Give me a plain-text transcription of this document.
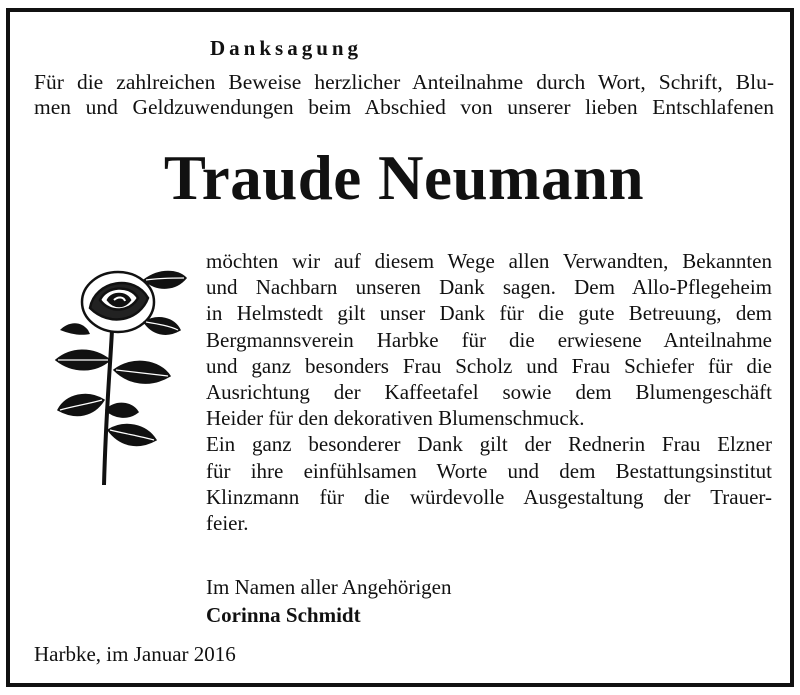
Danksagung
Für die zahlreichen Beweise herzlicher Anteilnahme durch Wort, Schrift, Blu-
men und Geldzuwendungen beim Abschied von unserer lieben Entschlafenen
Traude Neumann
möchten wir auf diesem Wege allen Verwandten, Bekannten
und Nachbarn unseren Dank sagen. Dem Allo-Pflegeheim
in Helmstedt gilt unser Dank für die gute Betreuung, dem
Bergmannsverein Harbke für die erwiesene Anteilnahme
und ganz besonders Frau Scholz und Frau Schiefer für die
Ausrichtung der Kaffeetafel sowie dem Blumengeschäft
Heider für den dekorativen Blumenschmuck.
Ein ganz besonderer Dank gilt der Rednerin Frau Elzner
für ihre einfühlsamen Worte und dem Bestattungsinstitut
Klinzmann für die würdevolle Ausgestaltung der Trauer-
feier.
Im Namen aller Angehörigen
Corinna Schmidt
Harbke, im Januar 2016
